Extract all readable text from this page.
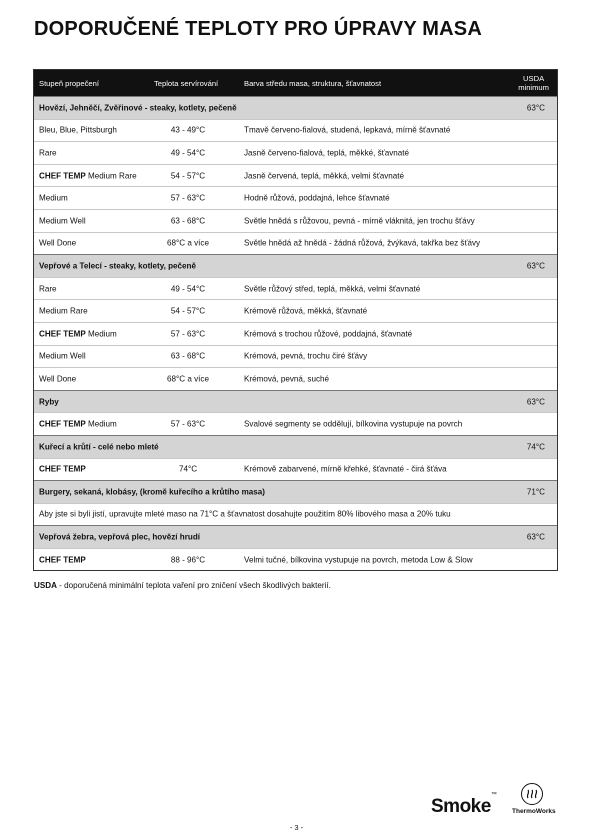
DOPORUČENÉ TEPLOTY PRO ÚPRAVY MASA
Stupeň propečení	Teplota servírování	Barva středu masa, struktura, šťavnatost
USDA
minimum
Hovězí, Jehněčí, Zvěřinové - steaky, kotlety, pečeně	63°C
Bleu, Blue, Pittsburgh	43 - 49°C	Tmavě červeno-fialová, studená, lepkavá, mírně šťavnaté
Rare	49 - 54°C	Jasně červeno-fialová, teplá, měkké, šťavnaté
CHEF TEMP Medium Rare	54 - 57°C	Jasně červená, teplá, měkká, velmi šťavnaté
Medium	57 - 63°C	Hodně růžová, poddajná, lehce šťavnaté
Medium Well	63 - 68°C	Světle hnědá s růžovou, pevná - mírně vláknitá, jen trochu šťávy
Well Done	68°C a více	Světle hnědá až hnědá - žádná růžová, žvýkavá, takřka bez šťávy
Vepřové a Telecí - steaky, kotlety, pečeně	63°C
Rare	49 - 54°C	Světle růžový střed, teplá, měkká, velmi šťavnaté
Medium Rare	54 - 57°C	Krémově růžová, měkká, šťavnaté
CHEF TEMP Medium	57 - 63°C	Krémová s trochou růžové, poddajná, šťavnaté
Medium Well	63 - 68°C	Krémová, pevná, trochu čiré šťávy
Well Done	68°C a více	Krémová, pevná, suché
Ryby	63°C
CHEF TEMP Medium	57 - 63°C	Svalové segmenty se oddělují, bílkovina vystupuje na povrch
Kuřecí a krůtí - celé nebo mleté	74°C
CHEF TEMP	74°C	Krémově zabarvené, mírně křehké, šťavnaté - čirá šťáva
Burgery, sekaná, klobásy, (kromě kuřecího a krůtího masa)	71°C
Aby jste si byli jistí, upravujte mleté maso na 71°C a šťavnatost dosahujte použitím 80% libového masa a 20% tuku
Vepřová žebra, vepřová plec, hovězí hrudí	63°C
CHEF TEMP	88 - 96°C	Velmi tučné, bílkovina vystupuje na povrch, metoda Low & Slow
USDA - doporučená minimální teplota vaření pro zničení všech škodlivých bakterií.
Smoke™
ThermoWorks
- 3 -
